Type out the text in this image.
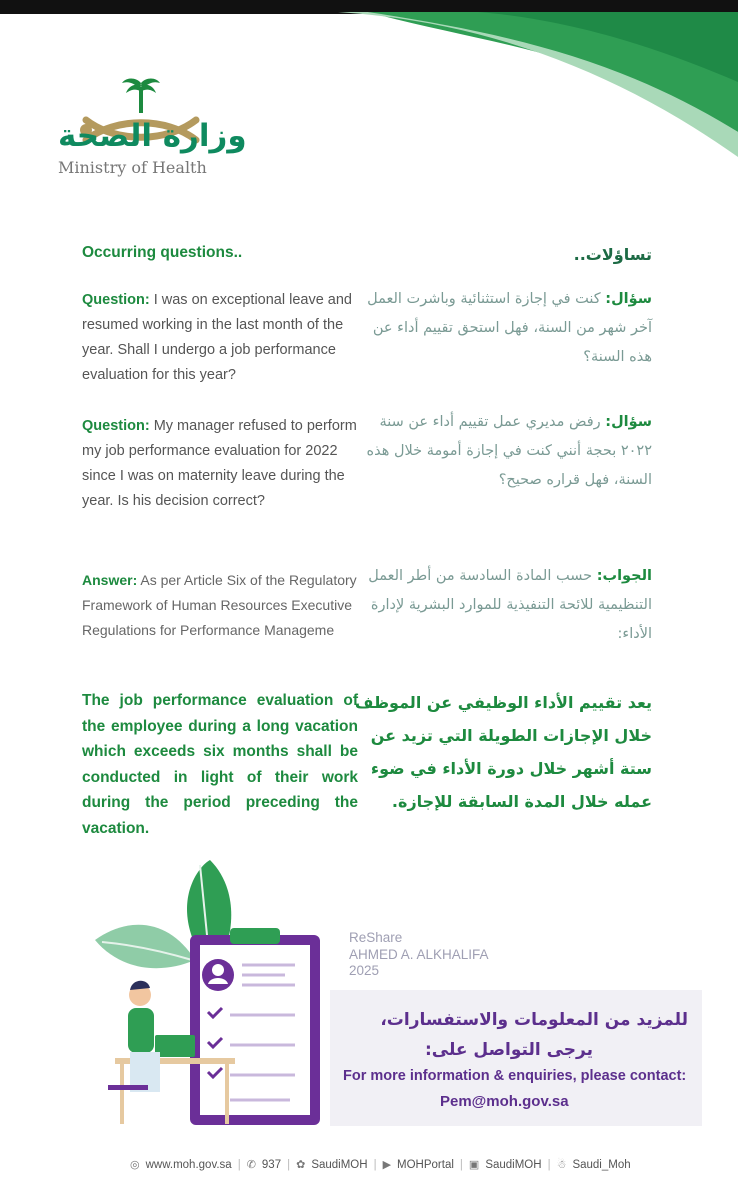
وزارة الصحة
Ministry of Health
Occurring questions..
Question: I was on exceptional leave and resumed working in the last month of the year. Shall I undergo a job performance evaluation for this year?
Question: My manager refused to perform my job performance evaluation for 2022 since I was on maternity leave during the year. Is his decision correct?
Answer: As per Article Six of the Regulatory Framework of Human Resources Executive Regulations for Performance Manageme
The job performance evaluation of the employee during a long vacation which exceeds six months shall be conducted in light of their work during the period preceding the vacation.
تساؤلات..
سؤال: كنت في إجازة استثنائية وباشرت العمل آخر شهر من السنة، فهل استحق تقييم أداء عن هذه السنة؟
سؤال: رفض مديري عمل تقييم أداء عن سنة ٢٠٢٢ بحجة أنني كنت في إجازة أمومة خلال هذه السنة، فهل قراره صحيح؟
الجواب: حسب المادة السادسة من أطر العمل التنظيمية للائحة التنفيذية للموارد البشرية لإدارة الأداء:
يعد تقييم الأداء الوظيفي عن الموظف خلال الإجازات الطويلة التي تزيد عن ستة أشهر خلال دورة الأداء في ضوء عمله خلال المدة السابقة للإجازة.
للمزيد من المعلومات والاستفسارات،
يرجى التواصل على:
For more information & enquiries, please contact:
Pem@moh.gov.sa
ReShare
AHMED A. ALKHALIFA
2025
◎ www.moh.gov.sa | ✆ 937 | ✿ SaudiMOH | ▶ MOHPortal | ▣ SaudiMOH | ☃ Saudi_Moh
